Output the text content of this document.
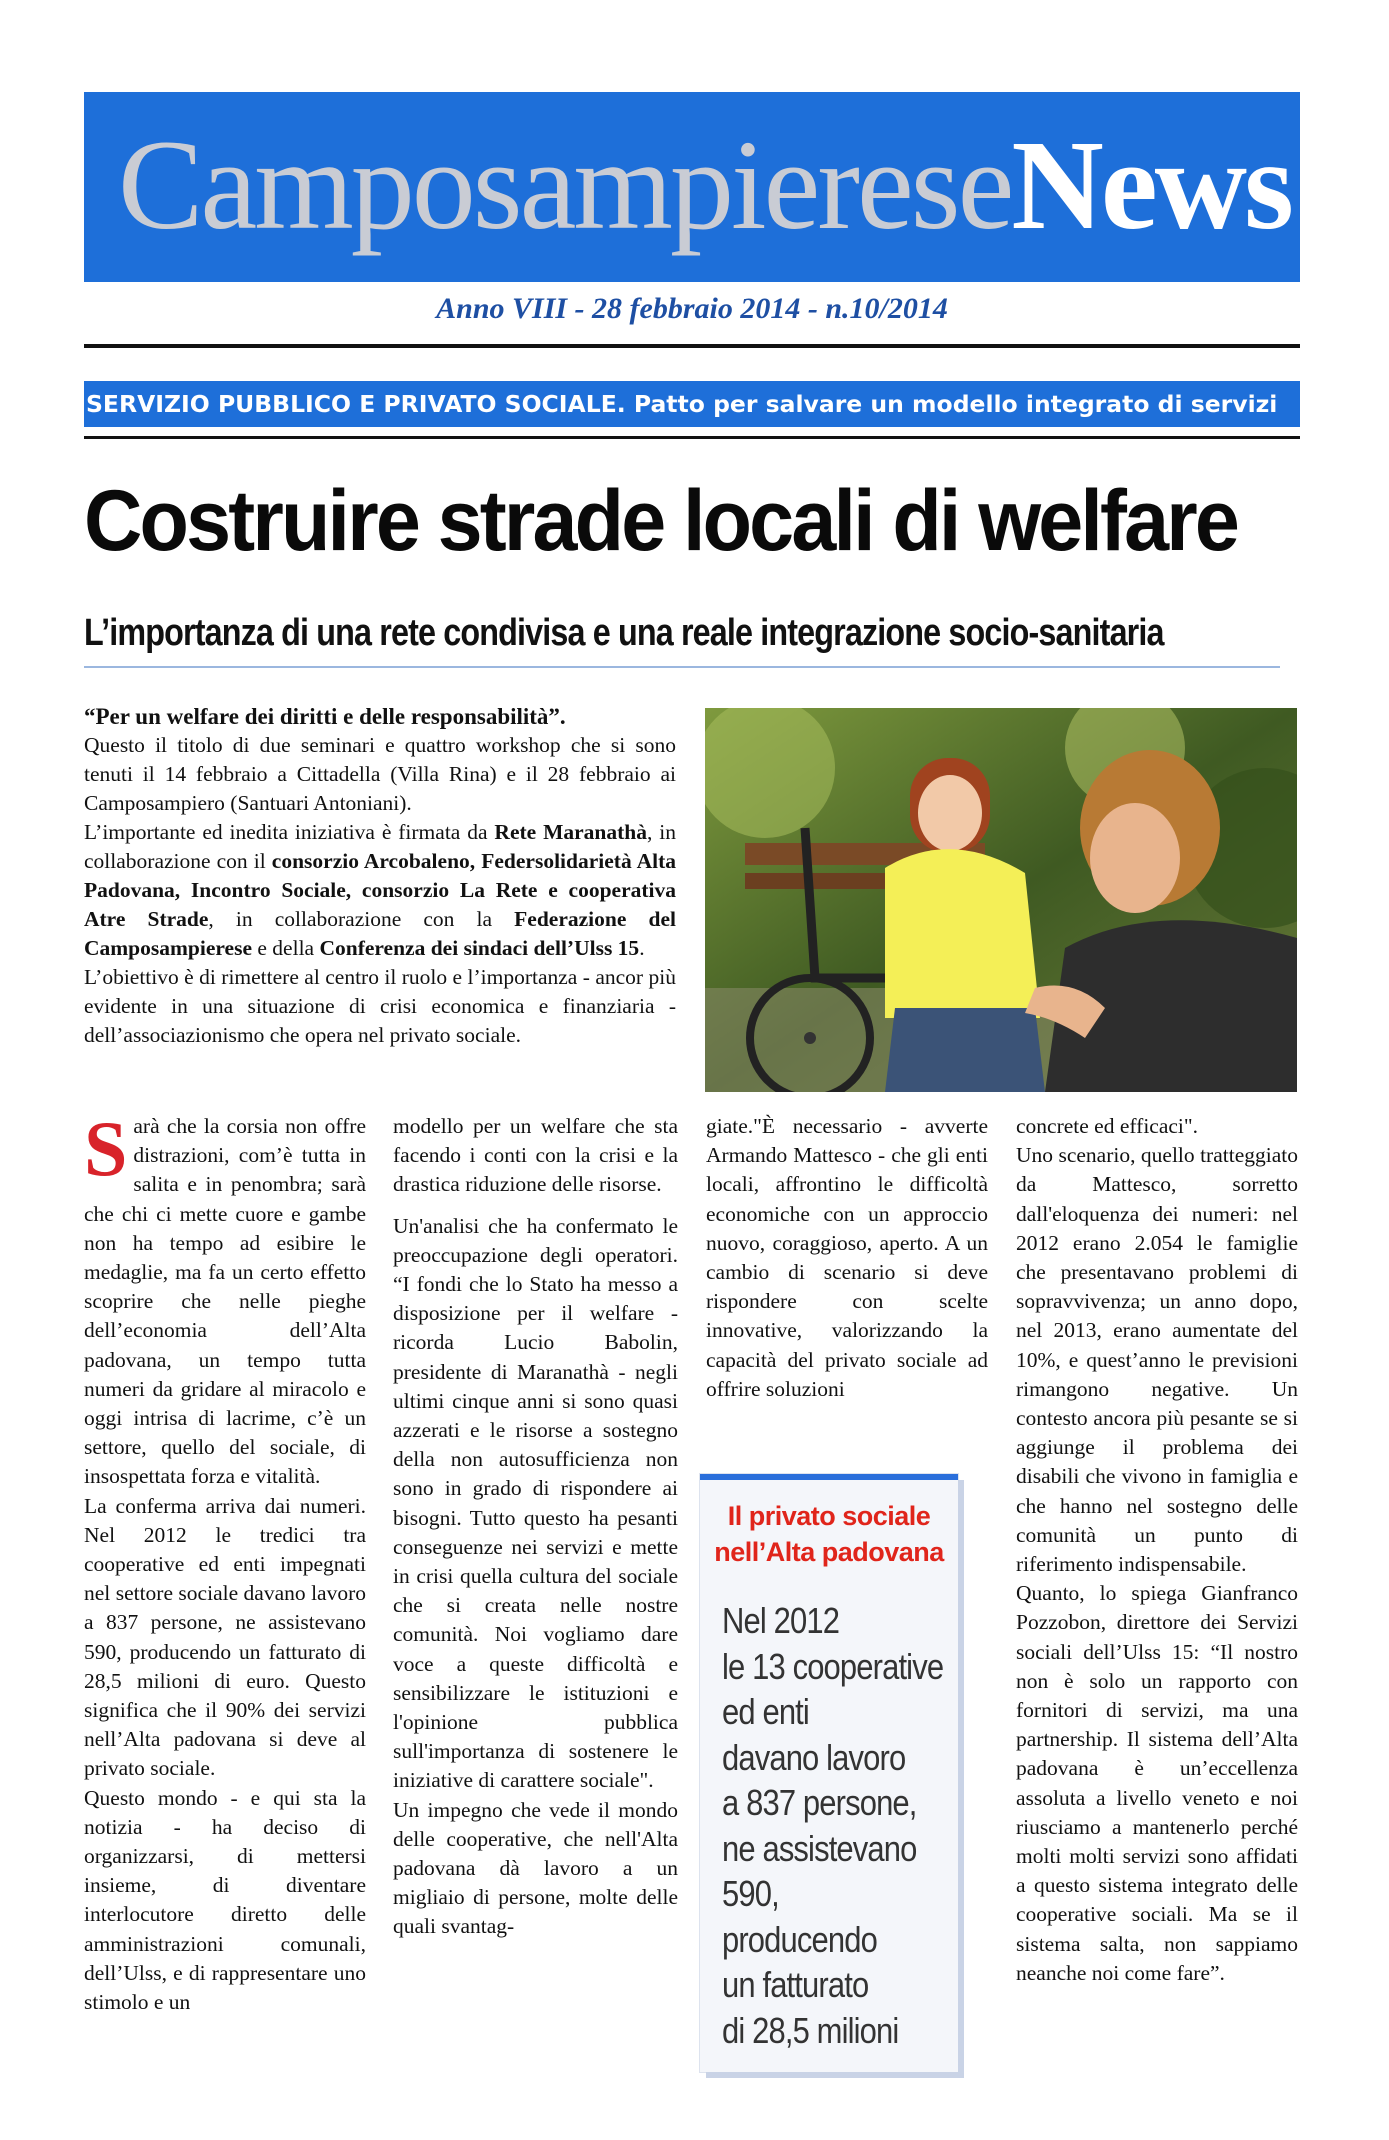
CamposampiereseNews
Anno VIII - 28 febbraio 2014 - n.10/2014
SERVIZIO PUBBLICO E PRIVATO SOCIALE. Patto per salvare un modello integrato di servizi
Costruire strade locali di welfare
L’importanza di una rete condivisa e una reale integrazione socio-sanitaria

“Per un welfare dei diritti e delle responsabilità”.

Questo il titolo di due seminari e quattro workshop che si sono tenuti il 14 febbraio a Cittadella (Villa Rina) e il 28 febbraio ai Camposampiero (Santuari Antoniani).

L’importante ed inedita iniziativa è firmata da Rete Maranathà, in collaborazione con il consorzio Arcobaleno, Federsolidarietà Alta Padovana, Incontro Sociale, consorzio La Rete e cooperativa Atre Strade, in collaborazione con la Federazione del Camposampierese e della Conferenza dei sindaci dell’Ulss 15.

L’obiettivo è di rimettere al centro il ruolo e l’importanza - ancor più evidente in una situazione di crisi economica e finanziaria - dell’associazionismo che opera nel privato sociale.

Sarà che la corsia non offre distrazioni, com’è tutta in salita e in penombra; sarà che chi ci mette cuore e gambe non ha tempo ad esibire le medaglie, ma fa un certo effetto scoprire che nelle pieghe dell’economia dell’Alta padovana, un tempo tutta numeri da gridare al miracolo e oggi intrisa di lacrime, c’è un settore, quello del sociale, di insospettata forza e vitalità.

La conferma arriva dai numeri. Nel 2012 le tredici tra cooperative ed enti impegnati nel settore sociale davano lavoro a 837 persone, ne assistevano 590, producendo un fatturato di 28,5 milioni di euro. Questo significa che il 90% dei servizi nell’Alta padovana si deve al privato sociale.

Questo mondo - e qui sta la notizia - ha deciso di organizzarsi, di mettersi insieme, di diventare interlocutore diretto delle amministrazioni comunali, dell’Ulss, e di rappresentare uno stimolo e un

modello per un welfare che sta facendo i conti con la crisi e la drastica riduzione delle risorse.

Un'analisi che ha confermato le preoccupazione degli operatori. “I fondi che lo Stato ha messo a disposizione per il welfare - ricorda Lucio Babolin, presidente di Maranathà - negli ultimi cinque anni si sono quasi azzerati e le risorse a sostegno della non autosufficienza non sono in grado di rispondere ai bisogni. Tutto questo ha pesanti conseguenze nei servizi e mette in crisi quella cultura del sociale che si creata nelle nostre comunità. Noi vogliamo dare voce a queste difficoltà e sensibilizzare le istituzioni e l'opinione pubblica sull'importanza di sostenere le iniziative di carattere sociale".

Un impegno che vede il mondo delle cooperative, che nell'Alta padovana dà lavoro a un migliaio di persone, molte delle quali svantag-

giate."È necessario - avverte Armando Mattesco - che gli enti locali, affrontino le difficoltà economiche con un approccio nuovo, coraggioso, aperto. A un cambio di scenario si deve rispondere con scelte innovative, valorizzando la capacità del privato sociale ad offrire soluzioni

Il privato sociale nell’Alta padovana
Nel 2012
le 13 cooperative
ed enti
davano lavoro
a 837 persone,
ne assistevano 590,
producendo
un fatturato
di 28,5 milioni

concrete ed efficaci".

Uno scenario, quello tratteggiato da Mattesco, sorretto dall'eloquenza dei numeri: nel 2012 erano 2.054 le famiglie che presentavano problemi di sopravvivenza; un anno dopo, nel 2013, erano aumentate del 10%, e quest’anno le previsioni rimangono negative. Un contesto ancora più pesante se si aggiunge il problema dei disabili che vivono in famiglia e che hanno nel sostegno delle comunità un punto di riferimento indispensabile.

Quanto, lo spiega Gianfranco Pozzobon, direttore dei Servizi sociali dell’Ulss 15: “Il nostro non è solo un rapporto con fornitori di servizi, ma una partnership. Il sistema dell’Alta padovana è un’eccellenza assoluta a livello veneto e noi riusciamo a mantenerlo perché molti molti servizi sono affidati a questo sistema integrato delle cooperative sociali. Ma se il sistema salta, non sappiamo neanche noi come fare”.
